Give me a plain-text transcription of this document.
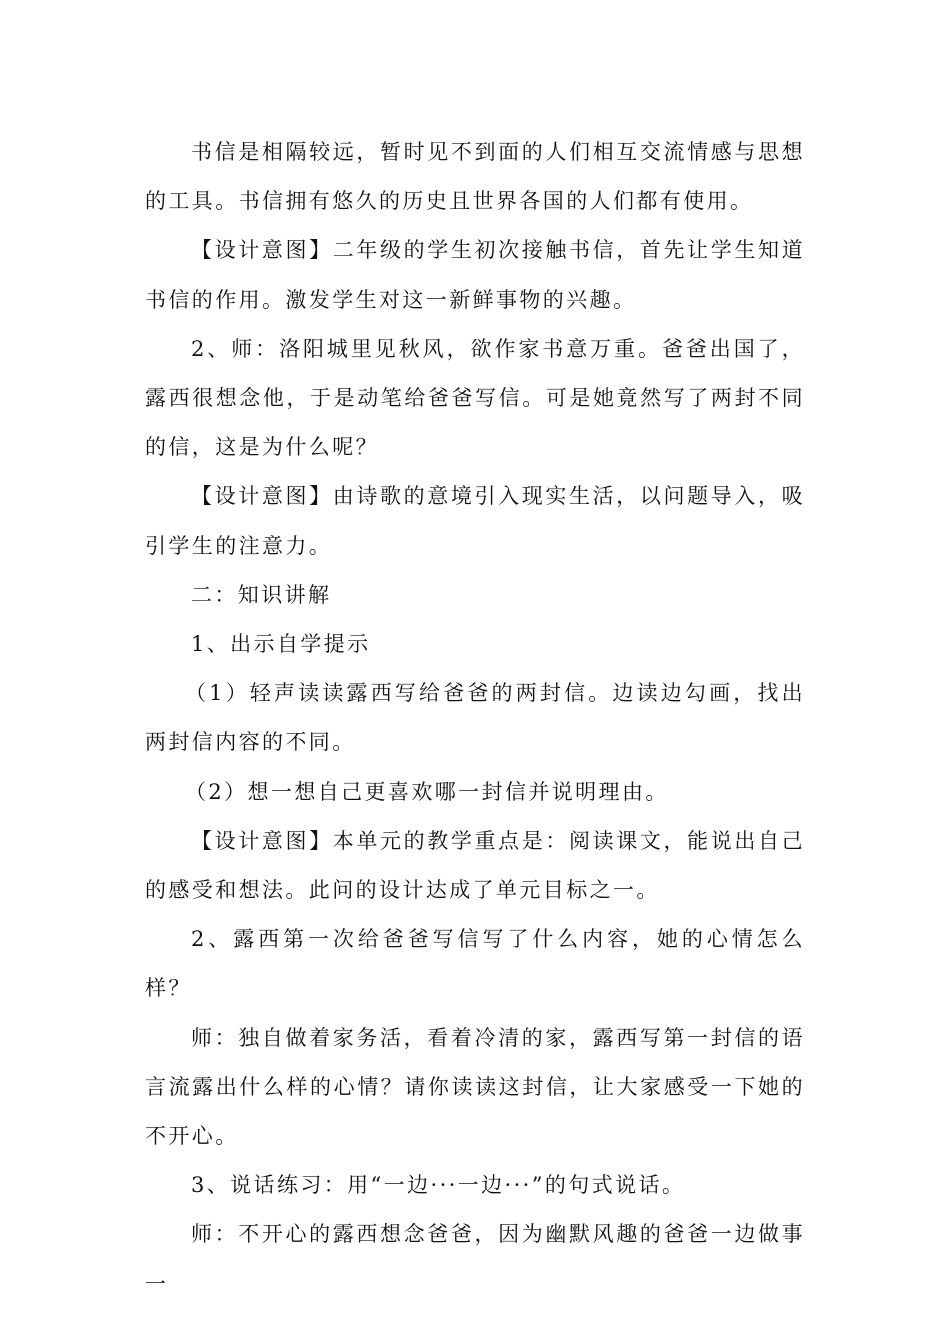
书信是相隔较远，暂时见不到面的人们相互交流情感与思想的工具。书信拥有悠久的历史且世界各国的人们都有使用。

【设计意图】二年级的学生初次接触书信，首先让学生知道书信的作用。激发学生对这一新鲜事物的兴趣。

2、师：洛阳城里见秋风，欲作家书意万重。爸爸出国了，露西很想念他，于是动笔给爸爸写信。可是她竟然写了两封不同的信，这是为什么呢？

【设计意图】由诗歌的意境引入现实生活，以问题导入，吸引学生的注意力。

二：知识讲解

1、出示自学提示

（1）轻声读读露西写给爸爸的两封信。边读边勾画，找出两封信内容的不同。

（2）想一想自己更喜欢哪一封信并说明理由。

【设计意图】本单元的教学重点是：阅读课文，能说出自己的感受和想法。此问的设计达成了单元目标之一。

2、露西第一次给爸爸写信写了什么内容，她的心情怎么样？

师：独自做着家务活，看着冷清的家，露西写第一封信的语言流露出什么样的心情？请你读读这封信，让大家感受一下她的不开心。

3、说话练习：用“一边···一边···”的句式说话。

师：不开心的露西想念爸爸，因为幽默风趣的爸爸一边做事一
